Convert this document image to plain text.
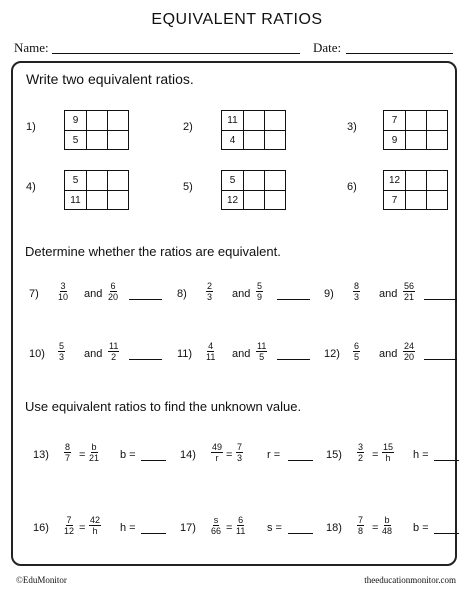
EQUIVALENT RATIOS
Name:	Date:
Write two equivalent ratios.
1)
9
5
2)
11
4
3)
7
9
4)
5
11
5)
5
12
6)
12
7
Determine whether the ratios are equivalent.
$7) \frac{3}{10}$ and $\frac{6}{20}$	$8) \frac{2}{3}$ and $\frac{5}{9}$	$9) \frac{8}{3}$ and $\frac{56}{21}$
$10) \frac{5}{3}$ and $\frac{11}{2}$	$11) \frac{4}{11}$ and $\frac{11}{5}$	$12) \frac{6}{5}$ and $\frac{24}{20}$
Use equivalent ratios to find the unknown value.
$13) \frac{8}{7} = \frac{b}{21}$ b =	$14) \frac{49}{r} = \frac{7}{3}$ r =	$15) \frac{3}{2} = \frac{15}{h}$ h =
$16) \frac{7}{12} = \frac{42}{h}$ h =	$17) \frac{s}{66} = \frac{6}{11}$ s =	$18) \frac{7}{8} = \frac{b}{48}$ b =
©EduMonitor	theeducationmonitor.com
